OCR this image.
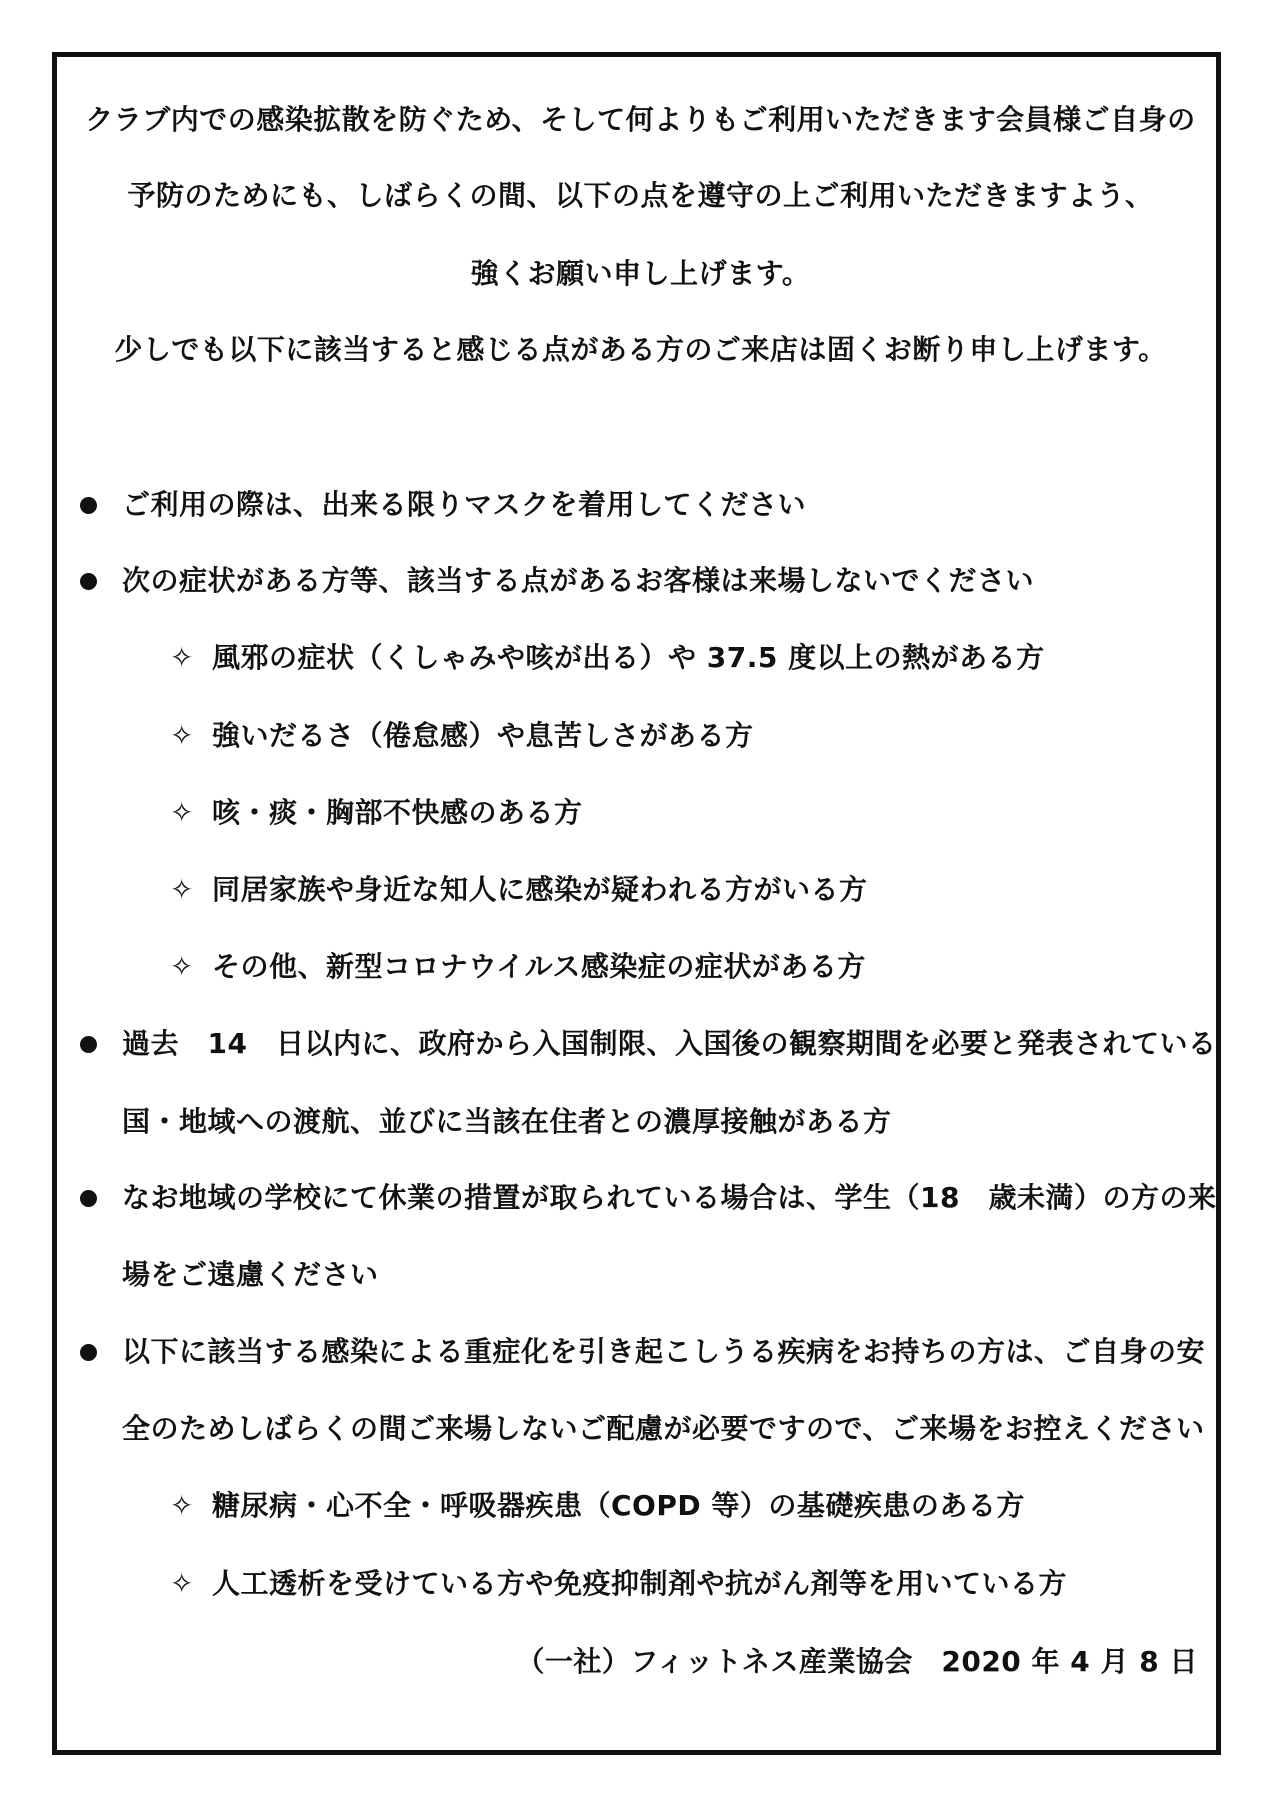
クラブ内での感染拡散を防ぐため、そして何よりもご利用いただきます会員様ご自身の
予防のためにも、しばらくの間、以下の点を遵守の上ご利用いただきますよう、
強くお願い申し上げます。
少しでも以下に該当すると感じる点がある方のご来店は固くお断り申し上げます。
ご利用の際は、出来る限りマスクを着用してください
次の症状がある方等、該当する点があるお客様は来場しないでください
✧ 風邪の症状（くしゃみや咳が出る）や 37.5 度以上の熱がある方
✧ 強いだるさ（倦怠感）や息苦しさがある方
✧ 咳・痰・胸部不快感のある方
✧ 同居家族や身近な知人に感染が疑われる方がいる方
✧ その他、新型コロナウイルス感染症の症状がある方
過去　14　日以内に、政府から入国制限、入国後の観察期間を必要と発表されている
国・地域への渡航、並びに当該在住者との濃厚接触がある方
なお地域の学校にて休業の措置が取られている場合は、学生（18　歳未満）の方の来
場をご遠慮ください
以下に該当する感染による重症化を引き起こしうる疾病をお持ちの方は、ご自身の安
全のためしばらくの間ご来場しないご配慮が必要ですので、ご来場をお控えください
✧ 糖尿病・心不全・呼吸器疾患（COPD 等）の基礎疾患のある方
✧ 人工透析を受けている方や免疫抑制剤や抗がん剤等を用いている方
（一社）フィットネス産業協会　2020 年 4 月 8 日
